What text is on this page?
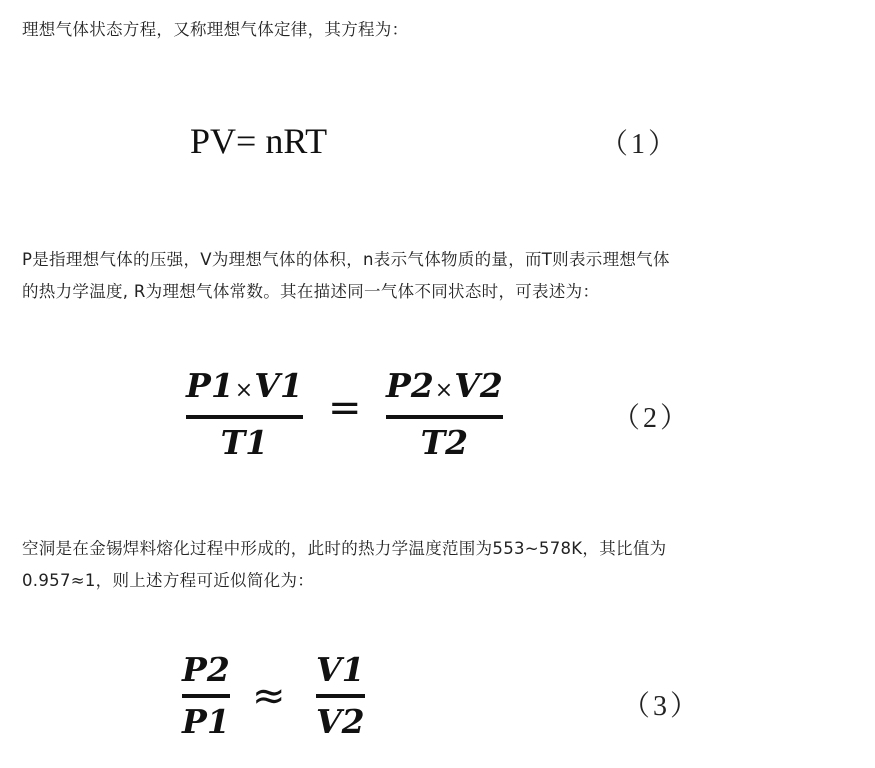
理想气体状态方程，又称理想气体定律，其方程为：

PV= nRT	（1）

P是指理想气体的压强，V为理想气体的体积，n表示气体物质的量，而T则表示理想气体
的热力学温度, R为理想气体常数。其在描述同一气体不同状态时，可表述为：

P1×V1
T1
= P2×V2
T2
（2）

空洞是在金锡焊料熔化过程中形成的，此时的热力学温度范围为553~578K，其比值为
0.957≈1，则上述方程可近似简化为：

P2
P1
≈
V1
V2	（3）
